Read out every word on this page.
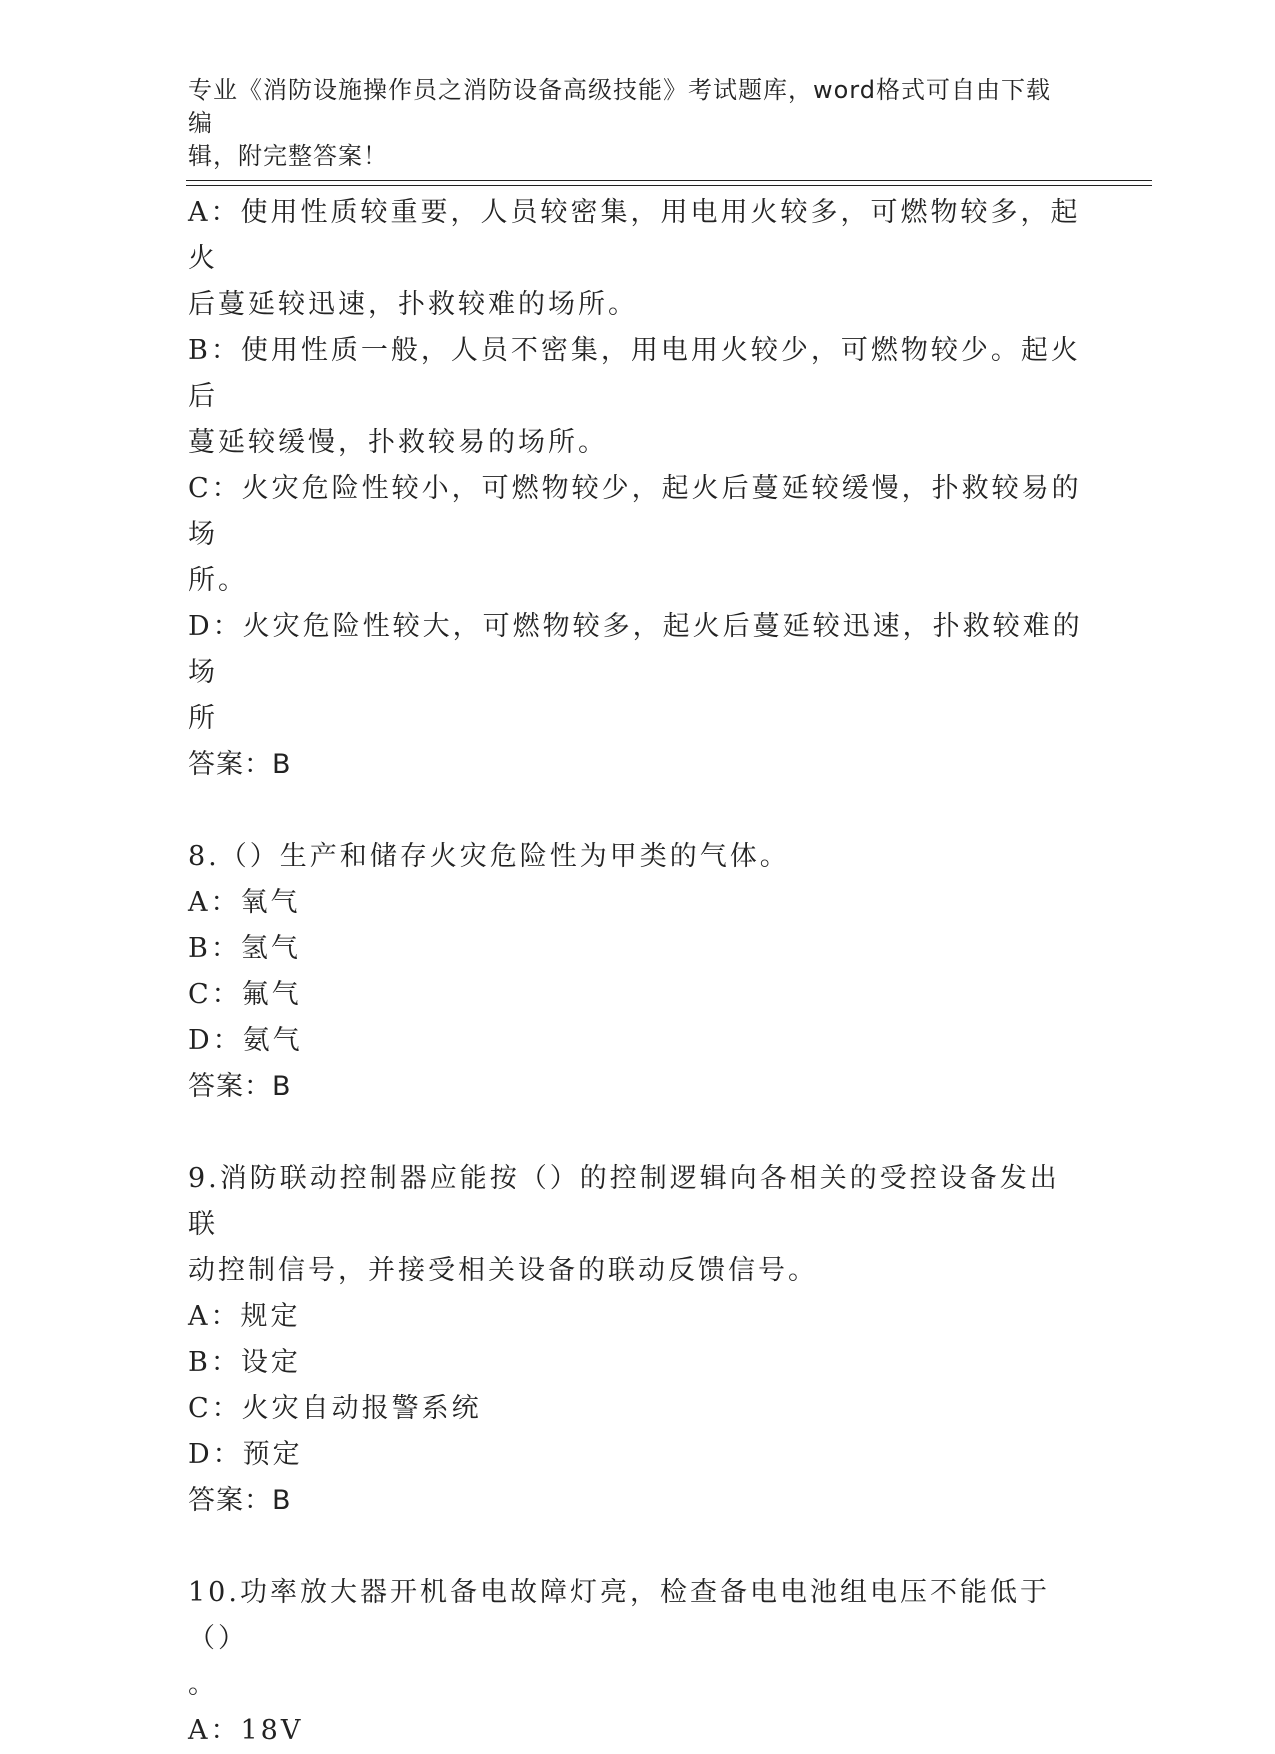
专业《消防设施操作员之消防设备高级技能》考试题库，word格式可自由下载编
辑，附完整答案！
A：使用性质较重要，人员较密集，用电用火较多，可燃物较多，起火
后蔓延较迅速，扑救较难的场所。
B：使用性质一般，人员不密集，用电用火较少，可燃物较少。起火后
蔓延较缓慢，扑救较易的场所。
C：火灾危险性较小，可燃物较少，起火后蔓延较缓慢，扑救较易的场
所。
D：火灾危险性较大，可燃物较多，起火后蔓延较迅速，扑救较难的场
所
答案：B
8.（）生产和储存火灾危险性为甲类的气体。
A：氧气
B：氢气
C：氟气
D：氨气
答案：B
9.消防联动控制器应能按（）的控制逻辑向各相关的受控设备发出联
动控制信号，并接受相关设备的联动反馈信号。
A：规定
B：设定
C：火灾自动报警系统
D：预定
答案：B
10.功率放大器开机备电故障灯亮，检查备电电池组电压不能低于（）
。
A：18V
